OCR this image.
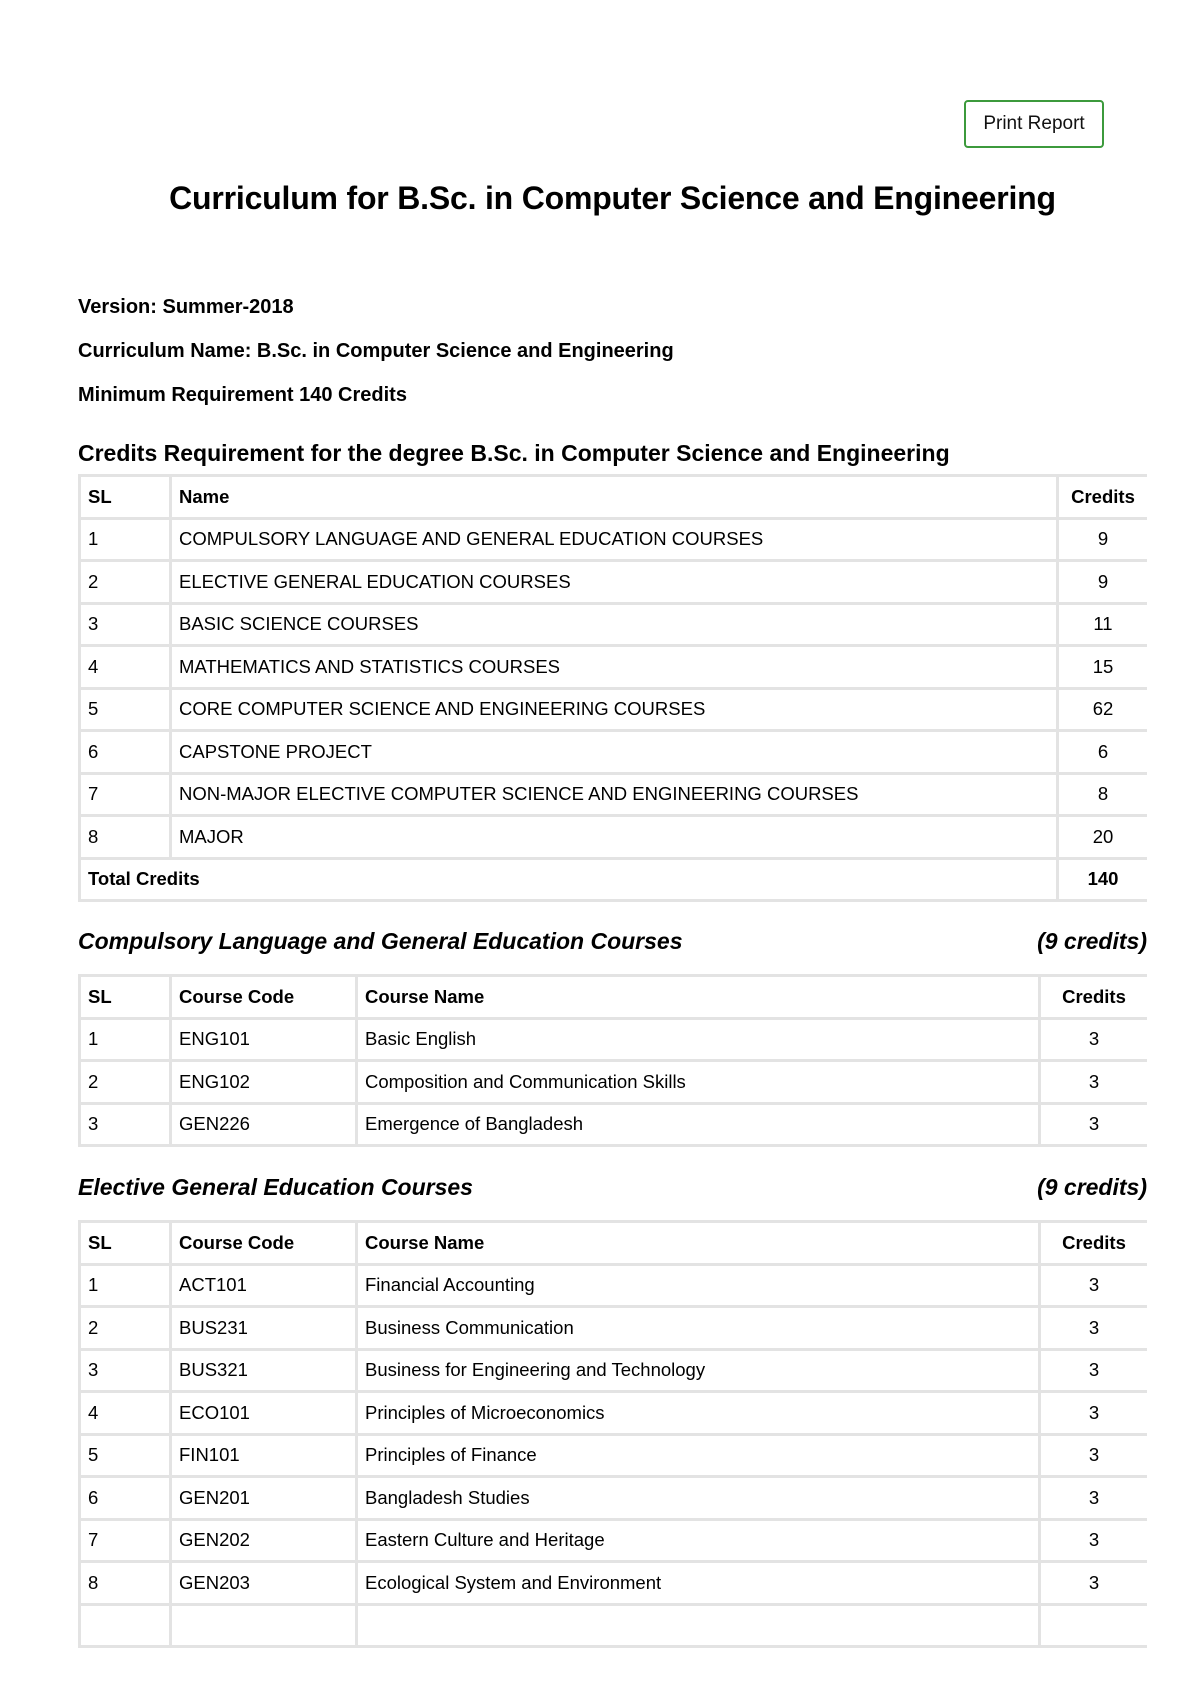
Print Report
Curriculum for B.Sc. in Computer Science and Engineering
Version: Summer-2018
Curriculum Name: B.Sc. in Computer Science and Engineering
Minimum Requirement 140 Credits
Credits Requirement for the degree B.Sc. in Computer Science and Engineering
SL	Name	Credits
1	COMPULSORY LANGUAGE AND GENERAL EDUCATION COURSES	9
2	ELECTIVE GENERAL EDUCATION COURSES	9
3	BASIC SCIENCE COURSES	11
4	MATHEMATICS AND STATISTICS COURSES	15
5	CORE COMPUTER SCIENCE AND ENGINEERING COURSES	62
6	CAPSTONE PROJECT	6
7	NON-MAJOR ELECTIVE COMPUTER SCIENCE AND ENGINEERING COURSES	8
8	MAJOR	20
Total Credits		140
Compulsory Language and General Education Courses	(9 credits)
SL	Course Code	Course Name	Credits
1	ENG101	Basic English	3
2	ENG102	Composition and Communication Skills	3
3	GEN226	Emergence of Bangladesh	3
Elective General Education Courses	(9 credits)
SL	Course Code	Course Name	Credits
1	ACT101	Financial Accounting	3
2	BUS231	Business Communication	3
3	BUS321	Business for Engineering and Technology	3
4	ECO101	Principles of Microeconomics	3
5	FIN101	Principles of Finance	3
6	GEN201	Bangladesh Studies	3
7	GEN202	Eastern Culture and Heritage	3
8	GEN203	Ecological System and Environment	3
